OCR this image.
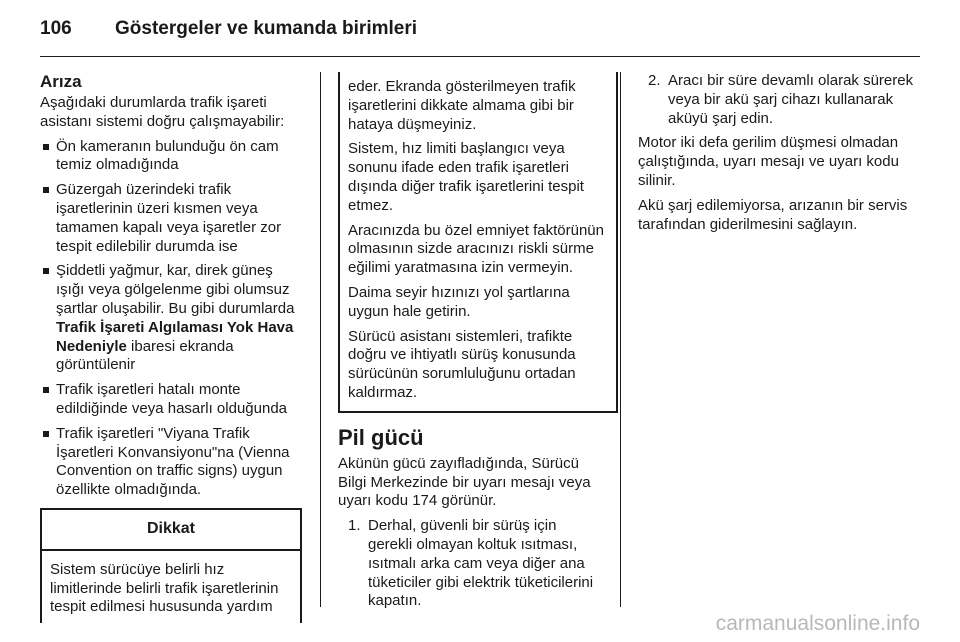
106 Göstergeler ve kumanda birimleri
Arıza

Aşağıdaki durumlarda trafik işareti asistanı sistemi doğru çalışmayabilir:

Ön kameranın bulunduğu ön cam temiz olmadığında
Güzergah üzerindeki trafik işaretlerinin üzeri kısmen veya tamamen kapalı veya işaretler zor tespit edilebilir durumda ise
Şiddetli yağmur, kar, direk güneş ışığı veya gölgelenme gibi olumsuz şartlar oluşabilir. Bu gibi durumlarda Trafik İşareti Algılaması Yok Hava Nedeniyle ibaresi ekranda görüntülenir
Trafik işaretleri hatalı monte edildiğinde veya hasarlı olduğunda
Trafik işaretleri "Viyana Trafik İşaretleri Konvansiyonu"na (Vienna Convention on traffic signs) uygun özellikte olmadığında.
Dikkat
Sistem sürücüye belirli hız limitlerinde belirli trafik işaretlerinin tespit edilmesi hususunda yardım

eder. Ekranda gösterilmeyen trafik işaretlerini dikkate almama gibi bir hataya düşmeyiniz.

Sistem, hız limiti başlangıcı veya sonunu ifade eden trafik işaretleri dışında diğer trafik işaretlerini tespit etmez.

Aracınızda bu özel emniyet faktörünün olmasının sizde aracınızı riskli sürme eğilimi yaratmasına izin vermeyin.

Daima seyir hızınızı yol şartlarına uygun hale getirin.

Sürücü asistanı sistemleri, trafikte doğru ve ihtiyatlı sürüş konusunda sürücünün sorumluluğunu ortadan kaldırmaz.

Pil gücü

Akünün gücü zayıfladığında, Sürücü Bilgi Merkezinde bir uyarı mesajı veya uyarı kodu 174 görünür.

1. Derhal, güvenli bir sürüş için gerekli olmayan koltuk ısıtması, ısıtmalı arka cam veya diğer ana tüketiciler gibi elektrik tüketicilerini kapatın.
2. Aracı bir süre devamlı olarak sürerek veya bir akü şarj cihazı kullanarak aküyü şarj edin.

Motor iki defa gerilim düşmesi olmadan çalıştığında, uyarı mesajı ve uyarı kodu silinir.

Akü şarj edilemiyorsa, arızanın bir servis tarafından giderilmesini sağlayın.

carmanualsonline.info
